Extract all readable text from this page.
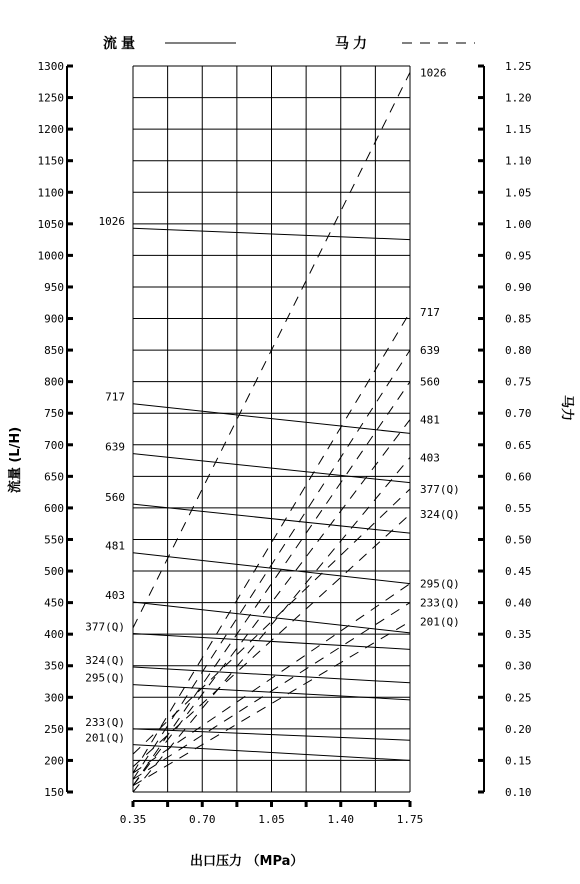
流量	马力
150
200
250
300
350
400
450
500
550
600
650
700
750
800
850
900
950
1000
1050
1100
1150
1200
1250
1300
0.10
0.15
0.20
0.25
0.30
0.35
0.40
0.45
0.50
0.55
0.60
0.65
0.70
0.75
0.80
0.85
0.90
0.95
1.00
1.05
1.10
1.15
1.20
1.25
0.35	0.70	1.05	1.40	1.75
1026
717
639
560
481
403
377(Q)
324(Q)
295(Q)
233(Q)
201(Q)
1026
717
639
560
481
403
377(Q)
324(Q)
295(Q)
233(Q)
201(Q)
出口压力 （MPa）
流量 (L/H)
马力
